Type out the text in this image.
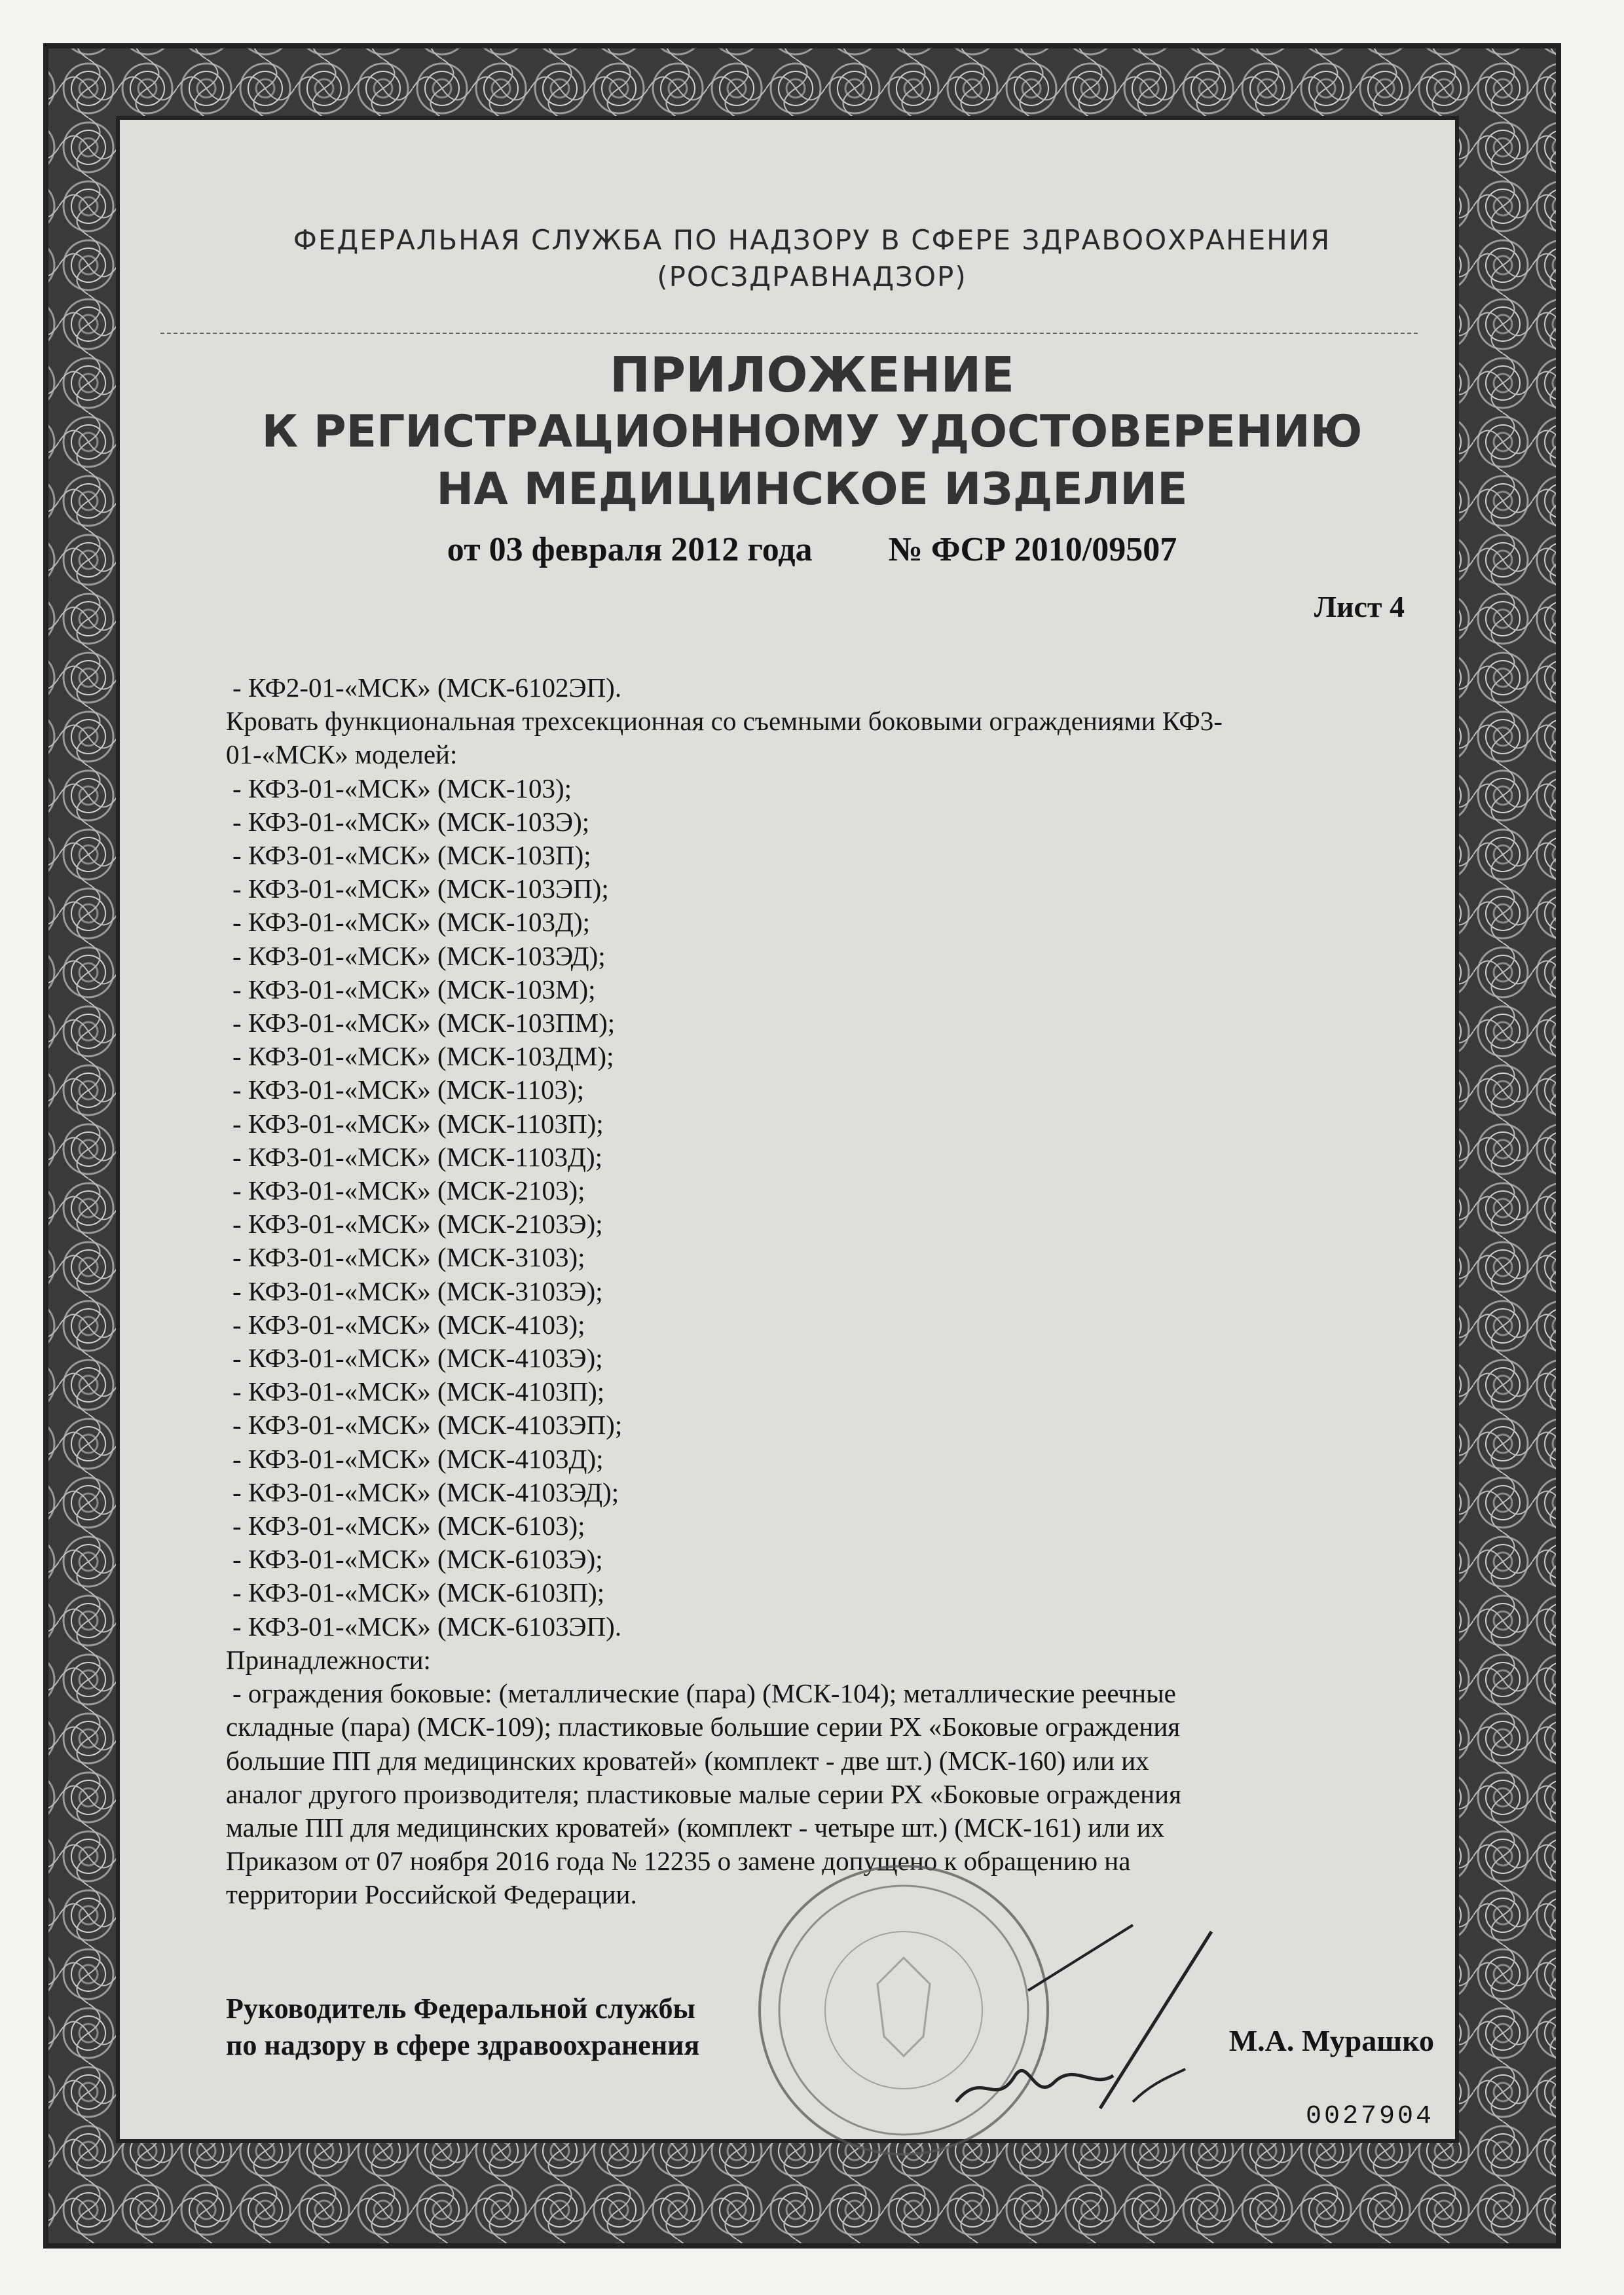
ФЕДЕРАЛЬНАЯ СЛУЖБА ПО НАДЗОРУ В СФЕРЕ ЗДРАВООХРАНЕНИЯ
(РОСЗДРАВНАДЗОР)
ПРИЛОЖЕНИЕ
К РЕГИСТРАЦИОННОМУ УДОСТОВЕРЕНИЮ
НА МЕДИЦИНСКОЕ ИЗДЕЛИЕ
от 03 февраля 2012 года № ФСР 2010/09507
Лист 4

- КФ2-01-«МСК» (МСК-6102ЭП).

Кровать функциональная трехсекционная со съемными боковыми ограждениями КФ3-

01-«МСК» моделей:

- КФ3-01-«МСК» (МСК-103);

- КФ3-01-«МСК» (МСК-103Э);

- КФ3-01-«МСК» (МСК-103П);

- КФ3-01-«МСК» (МСК-103ЭП);

- КФ3-01-«МСК» (МСК-103Д);

- КФ3-01-«МСК» (МСК-103ЭД);

- КФ3-01-«МСК» (МСК-103М);

- КФ3-01-«МСК» (МСК-103ПМ);

- КФ3-01-«МСК» (МСК-103ДМ);

- КФ3-01-«МСК» (МСК-1103);

- КФ3-01-«МСК» (МСК-1103П);

- КФ3-01-«МСК» (МСК-1103Д);

- КФ3-01-«МСК» (МСК-2103);

- КФ3-01-«МСК» (МСК-2103Э);

- КФ3-01-«МСК» (МСК-3103);

- КФ3-01-«МСК» (МСК-3103Э);

- КФ3-01-«МСК» (МСК-4103);

- КФ3-01-«МСК» (МСК-4103Э);

- КФ3-01-«МСК» (МСК-4103П);

- КФ3-01-«МСК» (МСК-4103ЭП);

- КФ3-01-«МСК» (МСК-4103Д);

- КФ3-01-«МСК» (МСК-4103ЭД);

- КФ3-01-«МСК» (МСК-6103);

- КФ3-01-«МСК» (МСК-6103Э);

- КФ3-01-«МСК» (МСК-6103П);

- КФ3-01-«МСК» (МСК-6103ЭП).

Принадлежности:

- ограждения боковые: (металлические (пара) (МСК-104); металлические реечные

складные (пара) (МСК-109); пластиковые большие серии РХ «Боковые ограждения

большие ПП для медицинских кроватей» (комплект - две шт.) (МСК-160) или их

аналог другого производителя; пластиковые малые серии РХ «Боковые ограждения

малые ПП для медицинских кроватей» (комплект - четыре шт.) (МСК-161) или их

Приказом от 07 ноября 2016 года № 12235 о замене допущено к обращению на

территории Российской Федерации.

Руководитель Федеральной службы
по надзору в сфере здравоохранения	М.А. Мурашко
0027904
